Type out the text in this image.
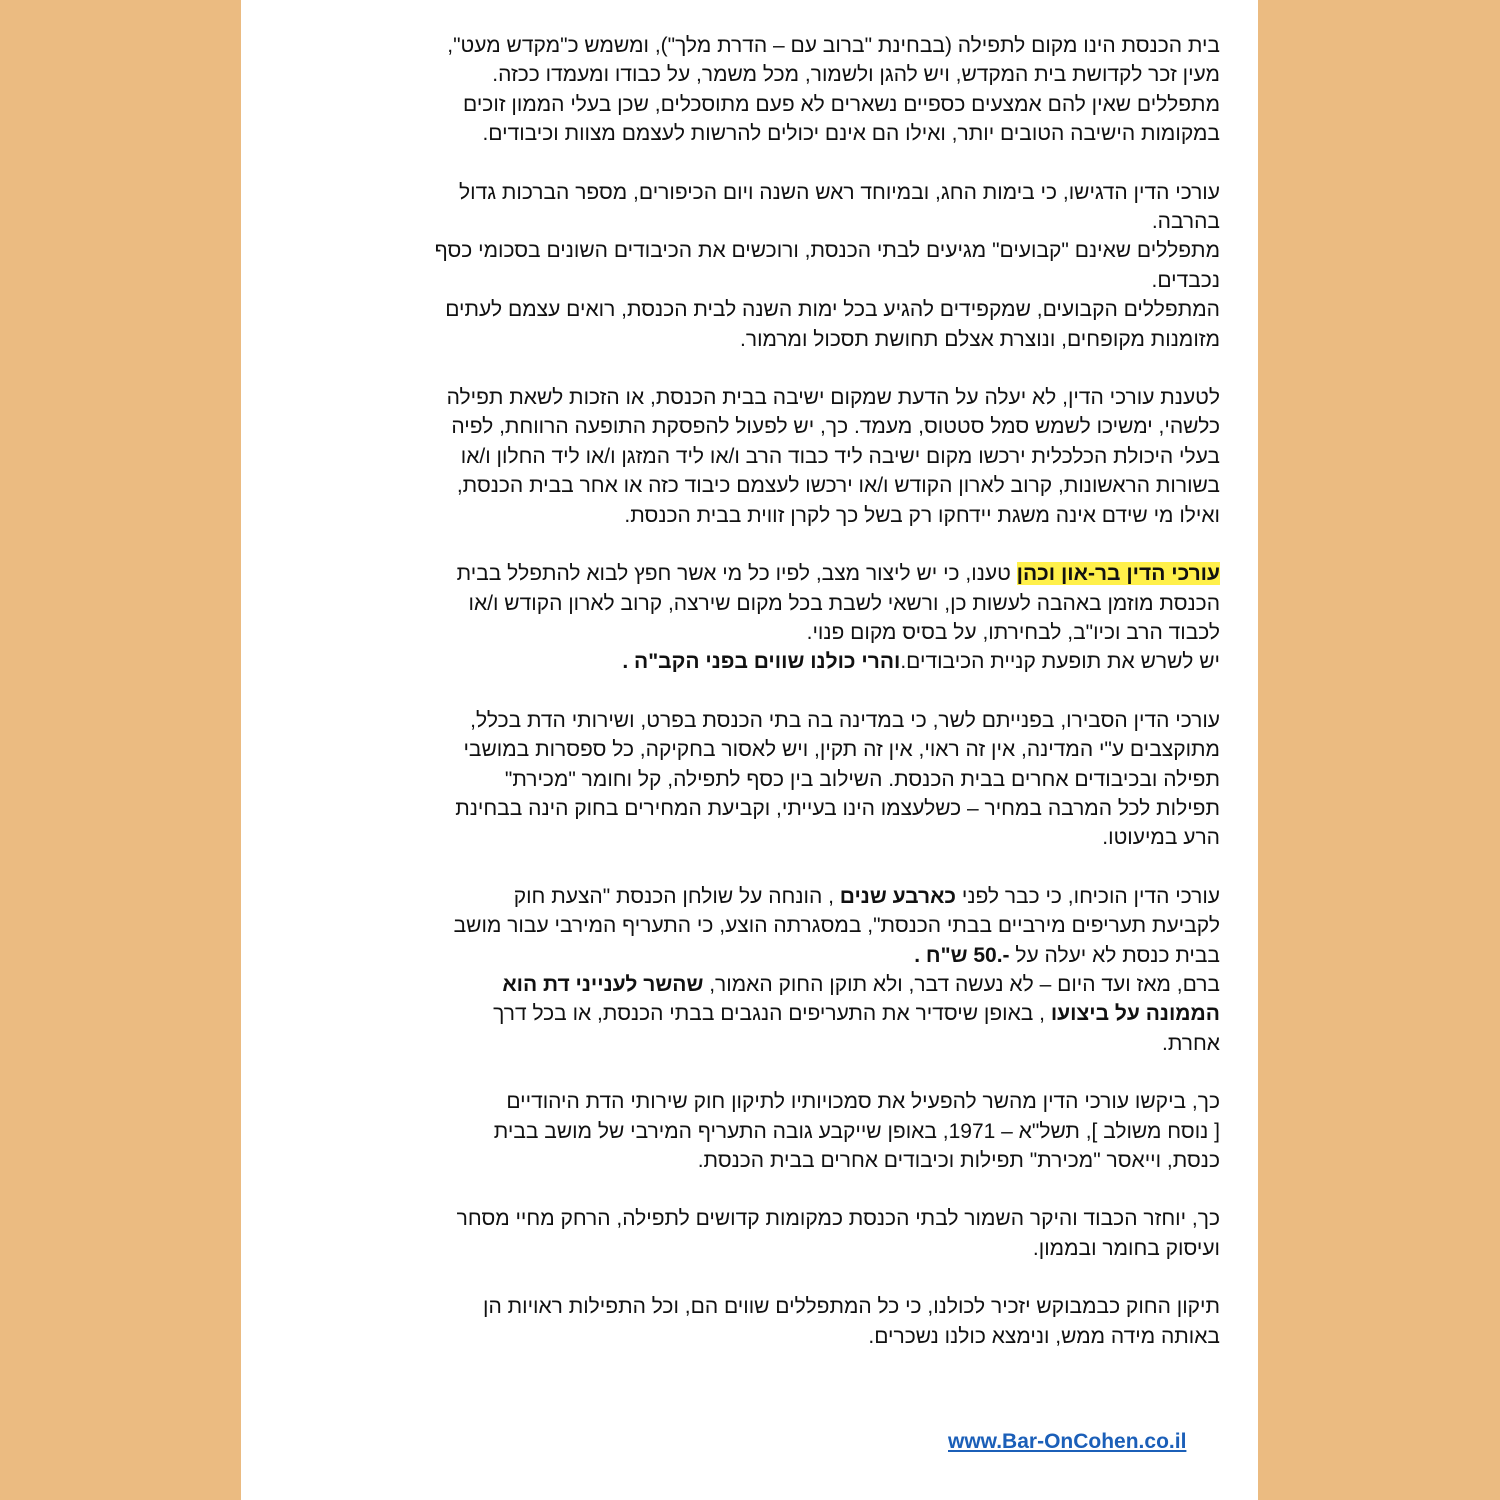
בית הכנסת הינו מקום לתפילה (בבחינת "ברוב עם – הדרת מלך"), ומשמש כ"מקדש מעט",
מעין זכר לקדושת בית המקדש, ויש להגן ולשמור, מכל משמר, על כבודו ומעמדו ככזה.
מתפללים שאין להם אמצעים כספיים נשארים לא פעם מתוסכלים, שכן בעלי הממון זוכים
במקומות הישיבה הטובים יותר, ואילו הם אינם יכולים להרשות לעצמם מצוות וכיבודים.

עורכי הדין הדגישו, כי בימות החג, ובמיוחד ראש השנה ויום הכיפורים, מספר הברכות גדול
בהרבה.
מתפללים שאינם "קבועים" מגיעים לבתי הכנסת, ורוכשים את הכיבודים השונים בסכומי כסף
נכבדים.
המתפללים הקבועים, שמקפידים להגיע בכל ימות השנה לבית הכנסת, רואים עצמם לעתים
מזומנות מקופחים, ונוצרת אצלם תחושת תסכול ומרמור.

לטענת עורכי הדין, לא יעלה על הדעת שמקום ישיבה בבית הכנסת, או הזכות לשאת תפילה
כלשהי, ימשיכו לשמש סמל סטטוס, מעמד. כך, יש לפעול להפסקת התופעה הרווחת, לפיה
בעלי היכולת הכלכלית ירכשו מקום ישיבה ליד כבוד הרב ו/או ליד המזגן ו/או ליד החלון ו/או
בשורות הראשונות, קרוב לארון הקודש ו/או ירכשו לעצמם כיבוד כזה או אחר בבית הכנסת,
ואילו מי שידם אינה משגת יידחקו רק בשל כך לקרן זווית בבית הכנסת.

עורכי הדין בר-און וכהן טענו, כי יש ליצור מצב, לפיו כל מי אשר חפץ לבוא להתפלל בבית
הכנסת מוזמן באהבה לעשות כן, ורשאי לשבת בכל מקום שירצה, קרוב לארון הקודש ו/או
לכבוד הרב וכיו"ב, לבחירתו, על בסיס מקום פנוי.
יש לשרש את תופעת קניית הכיבודים.והרי כולנו שווים בפני הקב"ה .

עורכי הדין הסבירו, בפנייתם לשר, כי במדינה בה בתי הכנסת בפרט, ושירותי הדת בכלל,
מתוקצבים ע"י המדינה, אין זה ראוי, אין זה תקין, ויש לאסור בחקיקה, כל ספסרות במושבי
תפילה ובכיבודים אחרים בבית הכנסת. השילוב בין כסף לתפילה, קל וחומר "מכירת"
תפילות לכל המרבה במחיר – כשלעצמו הינו בעייתי, וקביעת המחירים בחוק הינה בבחינת
הרע במיעוטו.

עורכי הדין הוכיחו, כי כבר לפני כארבע שנים , הונחה על שולחן הכנסת "הצעת חוק
לקביעת תעריפים מירביים בבתי הכנסת", במסגרתה הוצע, כי התעריף המירבי עבור מושב
בבית כנסת לא יעלה על -.50 ש"ח .
ברם, מאז ועד היום – לא נעשה דבר, ולא תוקן החוק האמור, שהשר לענייני דת הוא
הממונה על ביצועו , באופן שיסדיר את התעריפים הנגבים בבתי הכנסת, או בכל דרך
אחרת.

כך, ביקשו עורכי הדין מהשר להפעיל את סמכויותיו לתיקון חוק שירותי הדת היהודיים
[ נוסח משולב ], תשל"א – 1971, באופן שייקבע גובה התעריף המירבי של מושב בבית
כנסת, וייאסר "מכירת" תפילות וכיבודים אחרים בבית הכנסת.

כך, יוחזר הכבוד והיקר השמור לבתי הכנסת כמקומות קדושים לתפילה, הרחק מחיי מסחר
ועיסוק בחומר ובממון.

תיקון החוק כבמבוקש יזכיר לכולנו, כי כל המתפללים שווים הם, וכל התפילות ראויות הן
באותה מידה ממש, ונימצא כולנו נשכרים.

www.Bar-OnCohen.co.il
